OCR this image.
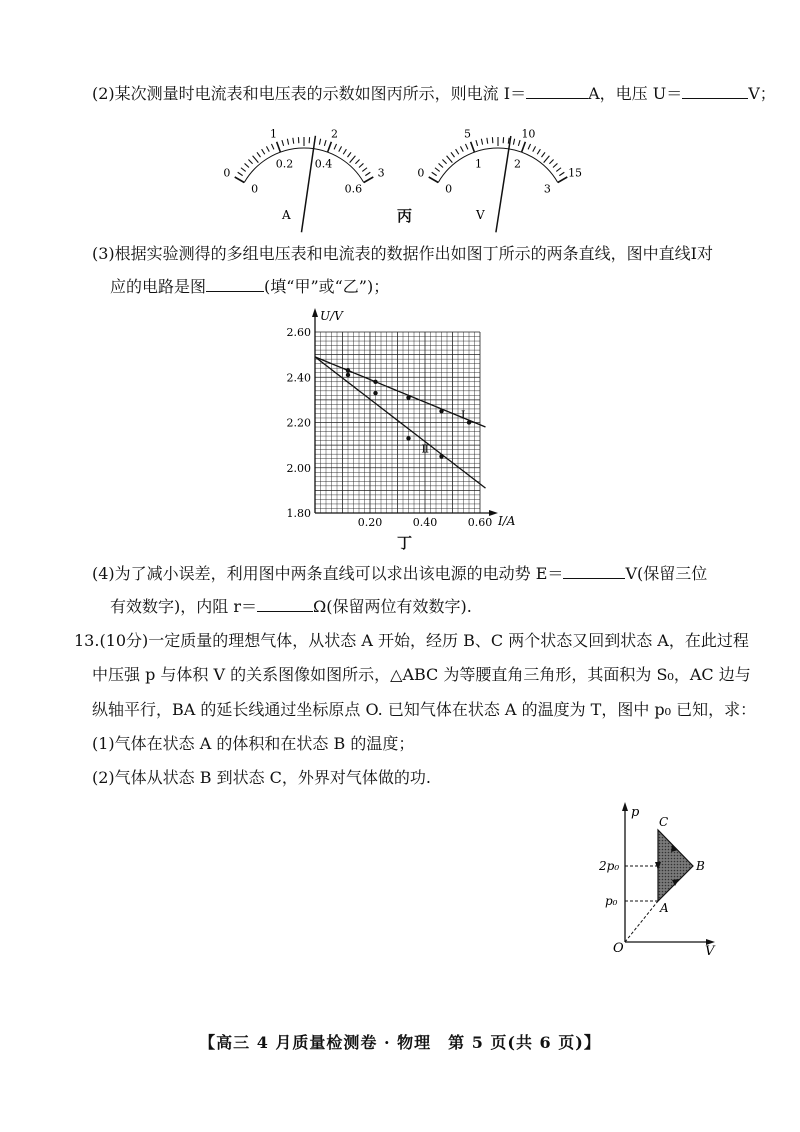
(2)某次测量时电流表和电压表的示数如图丙所示，则电流 I＝	A，电压 U＝	V；
0
1	2
3
0
0.2 0.4
0.6
A
0
5	10
15
0
1	2
3
V
丙
(3)根据实验测得的多组电压表和电流表的数据作出如图丁所示的两条直线，图中直线Ⅰ对
应的电路是图	(填“甲”或“乙”)；
1.80
2.00
2.20
2.40
2.60
0.20	0.40	0.60
U/V
I/A
Ⅰ
Ⅱ
丁
(4)为了减小误差，利用图中两条直线可以求出该电源的电动势 E＝	V(保留三位
有效数字)，内阻 r＝	Ω(保留两位有效数字).
13.(10分)一定质量的理想气体，从状态 A 开始，经历 B、C 两个状态又回到状态 A，在此过程
中压强 p 与体积 V 的关系图像如图所示，△ABC 为等腰直角三角形，其面积为 S₀，AC 边与
纵轴平行，BA 的延长线通过坐标原点 O. 已知气体在状态 A 的温度为 T，图中 p₀ 已知，求：
(1)气体在状态 A 的体积和在状态 B 的温度；
(2)气体从状态 B 到状态 C，外界对气体做的功.
p
V
O
2p₀
p₀	A
B
C
【高三 4 月质量检测卷 · 物理　第 5 页(共 6 页)】
